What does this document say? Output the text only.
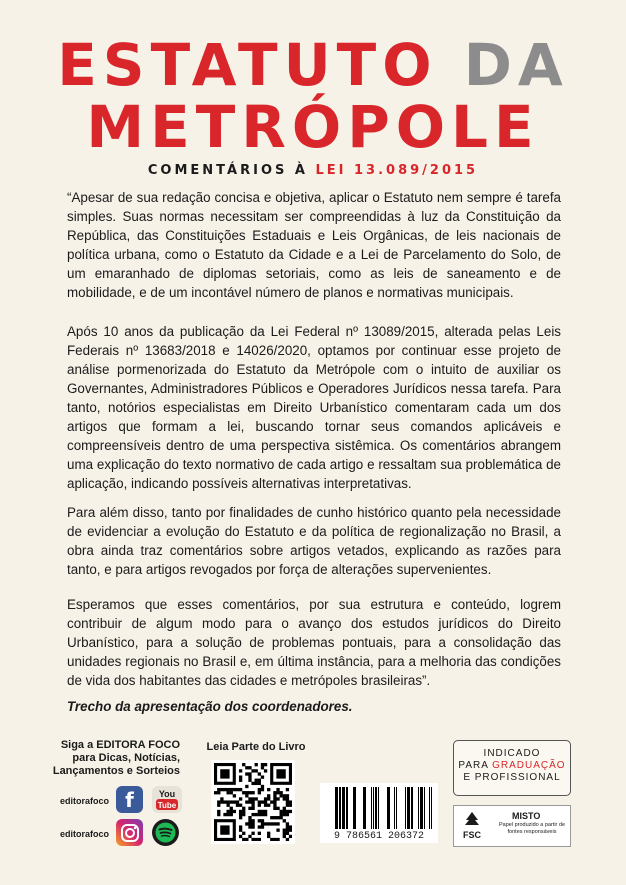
ESTATUTO DA
METRÓPOLE
COMENTÁRIOS À LEI 13.089/2015
“Apesar de sua redação concisa e objetiva, aplicar o Estatuto nem sempre é tarefa simples. Suas normas necessitam ser compreendidas à luz da Constituição da República, das Constituições Estaduais e Leis Orgânicas, de leis nacionais de política urbana, como o Estatuto da Cidade e a Lei de Parcelamento do Solo, de um emaranhado de diplomas setoriais, como as leis de saneamento e de mobilidade, e de um incontável número de planos e normativas municipais.
Após 10 anos da publicação da Lei Federal nº 13089/2015, alterada pelas Leis Federais nº 13683/2018 e 14026/2020, optamos por continuar esse projeto de análise pormenorizada do Estatuto da Metrópole com o intuito de auxiliar os Governantes, Administradores Públicos e Operadores Jurídicos nessa tarefa. Para tanto, notórios especialistas em Direito Urbanístico comentaram cada um dos artigos que formam a lei, buscando tornar seus comandos aplicáveis e compreensíveis dentro de uma perspectiva sistêmica. Os comentários abrangem uma explicação do texto normativo de cada artigo e ressaltam sua problemática de aplicação, indicando possíveis alternativas interpretativas.
Para além disso, tanto por finalidades de cunho histórico quanto pela necessidade de evidenciar a evolução do Estatuto e da política de regionalização no Brasil, a obra ainda traz comentários sobre artigos vetados, explicando as razões para tanto, e para artigos revogados por força de alterações supervenientes.
Esperamos que esses comentários, por sua estrutura e conteúdo, logrem contribuir de algum modo para o avanço dos estudos jurídicos do Direito Urbanístico, para a solução de problemas pontuais, para a consolidação das unidades regionais no Brasil e, em última instância, para a melhoria das condições de vida dos habitantes das cidades e metrópoles brasileiras”.
Trecho da apresentação dos coordenadores.
Siga a EDITORA FOCO
para Dicas, Notícias,
Lançamentos e Sorteios
editorafoco
editorafoco
f	You
Tube
Leia Parte do Livro
9 786561 206372
INDICADO
PARA GRADUAÇÃO
E PROFISSIONAL
FSC
MISTO
Papel produzido a partir de fontes responsáveis
